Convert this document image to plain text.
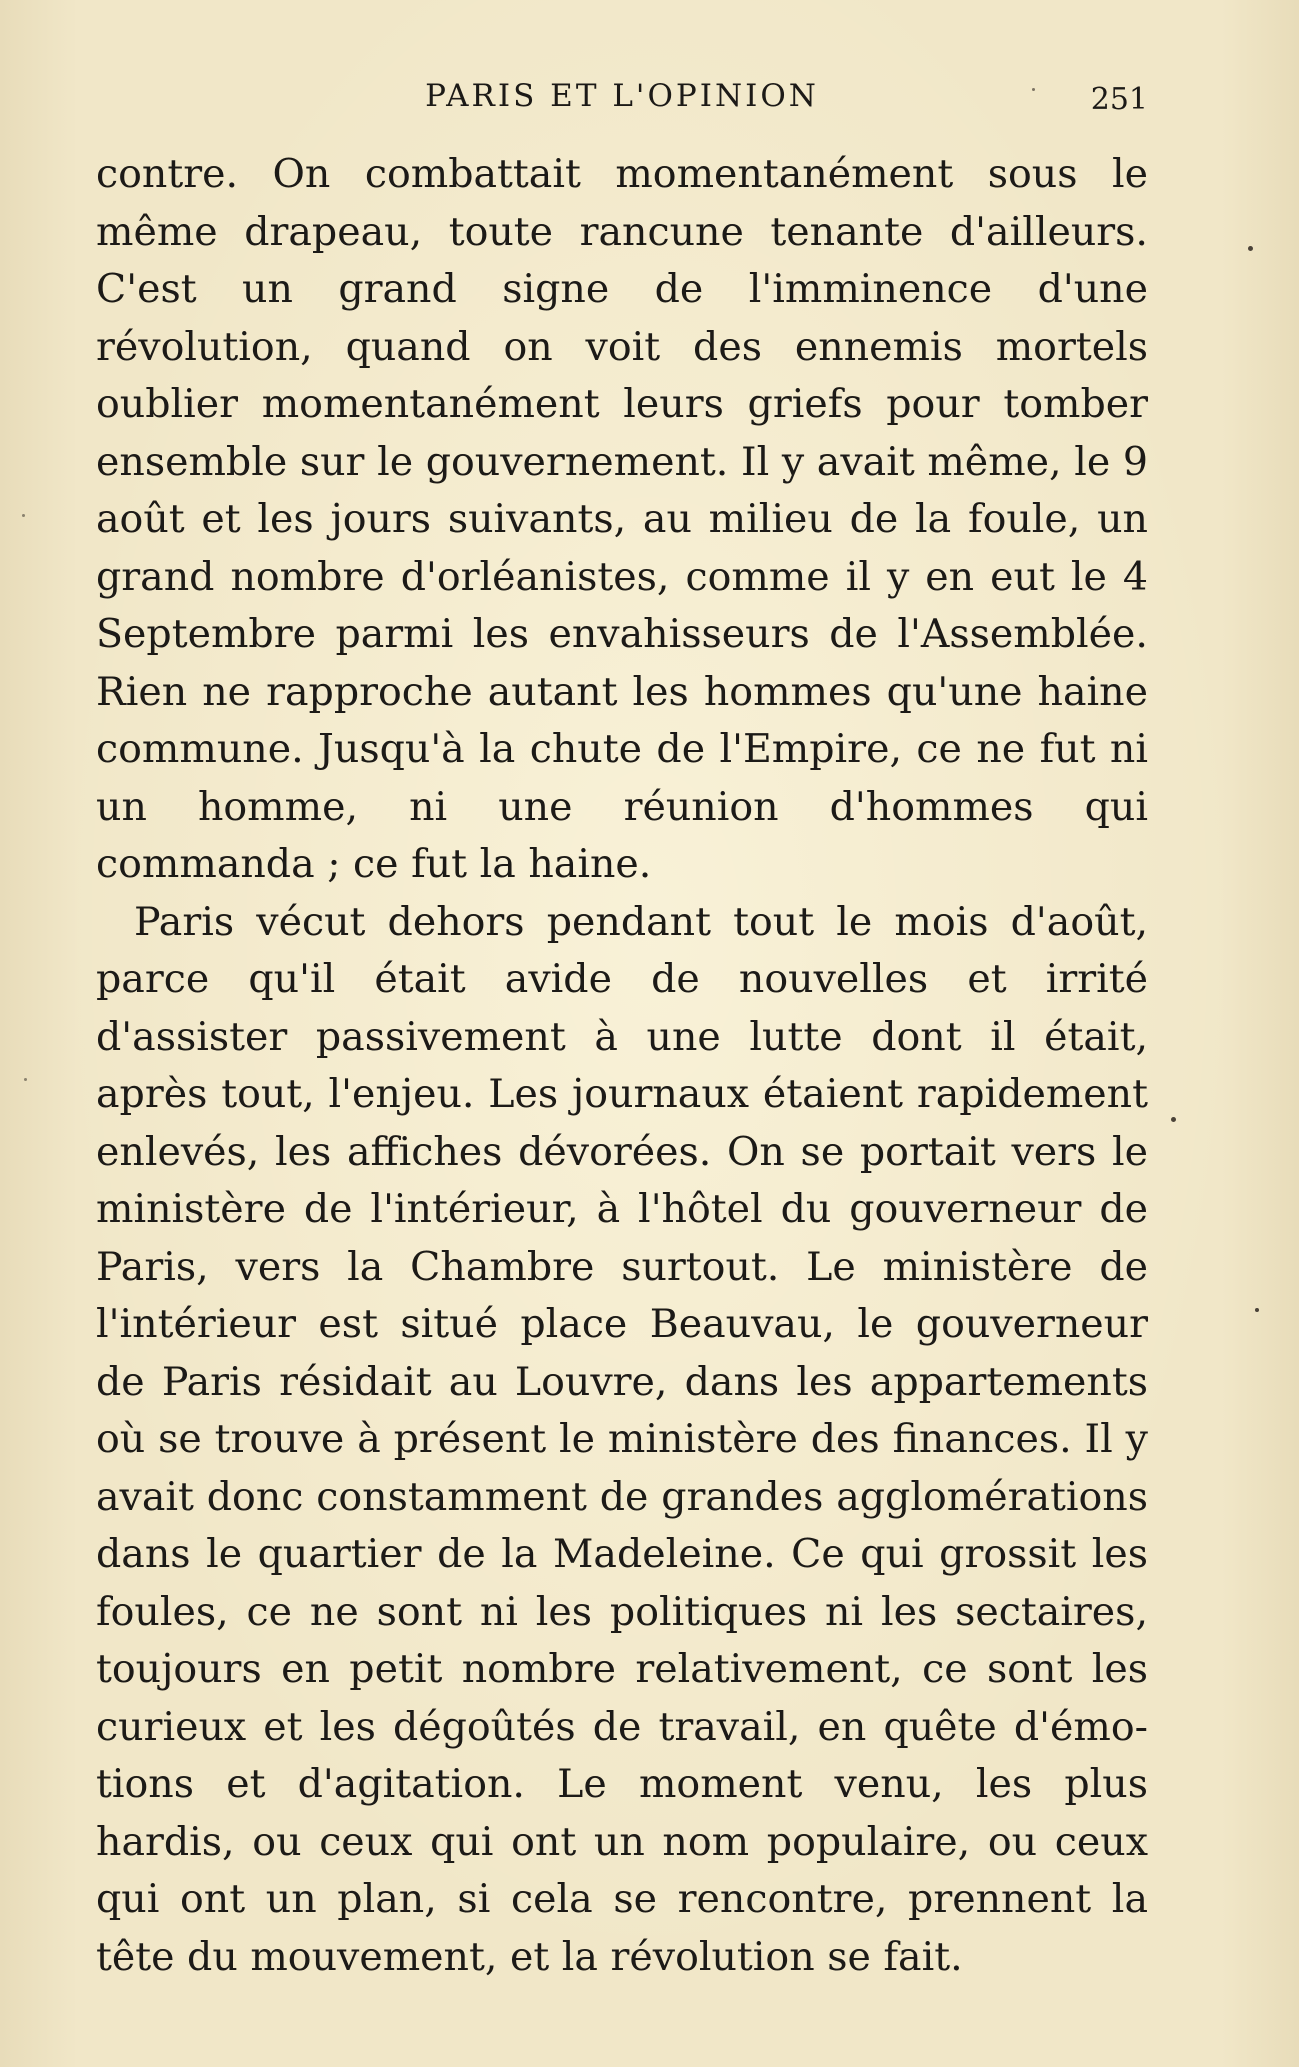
PARIS ET L'OPINION	251

contre. On combattait momentanément sous le même drapeau, toute rancune tenante d'ailleurs. C'est un grand signe de l'imminence d'une révolution, quand on voit des ennemis mortels oublier momentanément leurs griefs pour tomber ensemble sur le gouvernement. Il y avait même, le 9 août et les jours suivants, au milieu de la foule, un grand nombre d'orléanistes, comme il y en eut le 4 Septembre parmi les envahisseurs de l'Assemblée. Rien ne rapproche autant les hommes qu'une haine commune. Jusqu'à la chute de l'Empire, ce ne fut ni un homme, ni une réunion d'hommes qui commanda ; ce fut la haine.

Paris vécut dehors pendant tout le mois d'août, parce qu'il était avide de nouvelles et irrité d'assister passivement à une lutte dont il était, après tout, l'enjeu. Les journaux étaient rapidement enlevés, les affiches dévorées. On se portait vers le ministère de l'intérieur, à l'hôtel du gouverneur de Paris, vers la Chambre surtout. Le ministère de l'intérieur est situé place Beauvau, le gouverneur de Paris résidait au Louvre, dans les appartements où se trouve à présent le ministère des finances. Il y avait donc constamment de grandes agglomérations dans le quartier de la Madeleine. Ce qui grossit les foules, ce ne sont ni les politiques ni les sectaires, toujours en petit nombre relativement, ce sont les curieux et les dégoûtés de travail, en quête d'émotions et d'agitation. Le moment venu, les plus hardis, ou ceux qui ont un nom populaire, ou ceux qui ont un plan, si cela se rencontre, prennent la tête du mouvement, et la révolution se fait.
